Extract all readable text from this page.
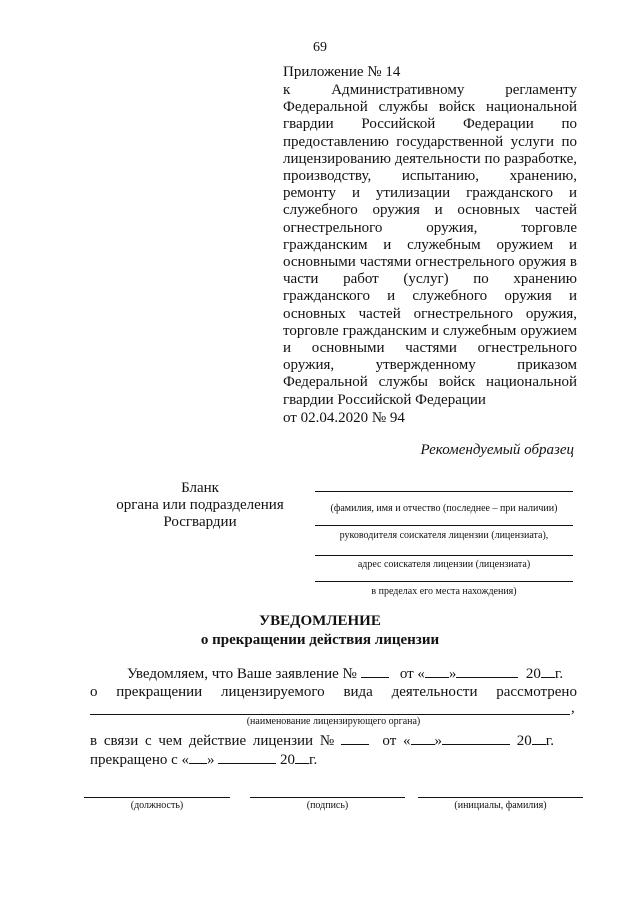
69
Приложение № 14
к Административному регламенту
Федеральной службы войск национальной
гвардии Российской Федерации по
предоставлению государственной услуги по
лицензированию деятельности по разработке,
производству, испытанию, хранению,
ремонту и утилизации гражданского и
служебного оружия и основных частей
огнестрельного оружия, торговле
гражданским и служебным оружием и
основными частями огнестрельного оружия в
части работ (услуг) по хранению
гражданского и служебного оружия и
основных частей огнестрельного оружия,
торговле гражданским и служебным оружием
и основными частями огнестрельного
оружия, утвержденному приказом
Федеральной службы войск национальной
гвардии Российской Федерации
от 02.04.2020 № 94
Рекомендуемый образец
Бланк
органа или подразделения
Росгвардии
(фамилия, имя и отчество (последнее – при наличии)
руководителя соискателя лицензии (лицензиата),
адрес соискателя лицензии (лицензиата)
в пределах его места нахождения)
УВЕДОМЛЕНИЕ
о прекращении действия лицензии
Уведомляем, что Ваше заявление №	от « »	20 г.
о прекращении лицензируемого вида деятельности рассмотрено
,
(наименование лицензирующего органа)
в связи с чем действие лицензии №	от « »	20 г.
прекращено с « »	20 г.
(должность)	(подпись)	(инициалы, фамилия)
